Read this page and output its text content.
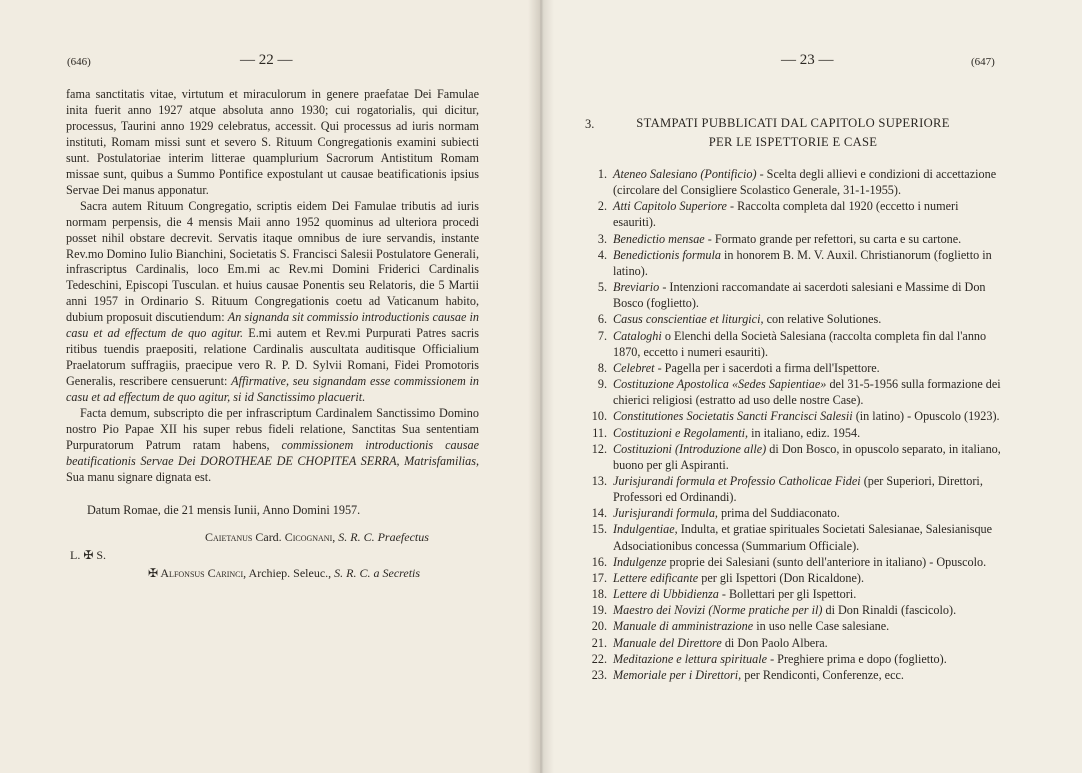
(646)	— 22 —

fama sanctitatis vitae, virtutum et miraculorum in genere praefatae Dei Famulae inita fuerit anno 1927 atque absoluta anno 1930; cui rogatorialis, qui dicitur, processus, Taurini anno 1929 celebratus, accessit. Qui processus ad iuris normam instituti, Romam missi sunt et severo S. Rituum Congregationis examini subiecti sunt. Postulatoriae interim litterae quamplurium Sacrorum Antistitum Romam missae sunt, quibus a Summo Pontifice expostulant ut causae beatificationis ipsius Servae Dei manus apponatur.

Sacra autem Rituum Congregatio, scriptis eidem Dei Famulae tributis ad iuris normam perpensis, die 4 mensis Maii anno 1952 quominus ad ulteriora procedi posset nihil obstare decrevit. Servatis itaque omnibus de iure servandis, instante Rev.mo Domino Iulio Bianchini, Societatis S. Francisci Salesii Postulatore Generali, infrascriptus Cardinalis, loco Em.mi ac Rev.mi Domini Friderici Cardinalis Tedeschini, Episcopi Tusculan. et huius causae Ponentis seu Relatoris, die 5 Martii anni 1957 in Ordinario S. Rituum Congregationis coetu ad Vaticanum habito, dubium proposuit discutiendum: An signanda sit commissio introductionis causae in casu et ad effectum de quo agitur. E.mi autem et Rev.mi Purpurati Patres sacris ritibus tuendis praepositi, relatione Cardinalis auscultata auditisque Officialium Praelatorum suffragiis, praecipue vero R. P. D. Sylvii Romani, Fidei Promotoris Generalis, rescribere censuerunt: Affirmative, seu signandam esse commissionem in casu et ad effectum de quo agitur, si id Sanctissimo placuerit.

Facta demum, subscripto die per infrascriptum Cardinalem Sanctissimo Domino nostro Pio Papae XII his super rebus fideli relatione, Sanctitas Sua sententiam Purpuratorum Patrum ratam habens, commissionem introductionis causae beatificationis Servae Dei DOROTHEAE DE CHOPITEA SERRA, Matrisfamilias, Sua manu signare dignata est.

Datum Romae, die 21 mensis Iunii, Anno Domini 1957.
Caietanus Card. Cicognani, S. R. C. Praefectus
L. ✠ S.
✠ Alfonsus Carinci, Archiep. Seleuc., S. R. C. a Secretis
— 23 —	(647)
3.	STAMPATI PUBBLICATI DAL CAPITOLO SUPERIORE
PER LE ISPETTORIE E CASE
1. Ateneo Salesiano (Pontificio) - Scelta degli allievi e condizioni di accettazione (circolare del Consigliere Scolastico Generale, 31-1-1955).
2. Atti Capitolo Superiore - Raccolta completa dal 1920 (eccetto i numeri esauriti).
3. Benedictio mensae - Formato grande per refettori, su carta e su cartone.
4. Benedictionis formula in honorem B. M. V. Auxil. Christianorum (foglietto in latino).
5. Breviario - Intenzioni raccomandate ai sacerdoti salesiani e Massime di Don Bosco (foglietto).
6. Casus conscientiae et liturgici, con relative Solutiones.
7. Cataloghi o Elenchi della Società Salesiana (raccolta completa fin dal l'anno 1870, eccetto i numeri esauriti).
8. Celebret - Pagella per i sacerdoti a firma dell'Ispettore.
9. Costituzione Apostolica «Sedes Sapientiae» del 31-5-1956 sulla formazione dei chierici religiosi (estratto ad uso delle nostre Case).
10. Constitutiones Societatis Sancti Francisci Salesii (in latino) - Opuscolo (1923).
11. Costituzioni e Regolamenti, in italiano, ediz. 1954.
12. Costituzioni (Introduzione alle) di Don Bosco, in opuscolo separato, in italiano, buono per gli Aspiranti.
13. Jurisjurandi formula et Professio Catholicae Fidei (per Superiori, Direttori, Professori ed Ordinandi).
14. Jurisjurandi formula, prima del Suddiaconato.
15. Indulgentiae, Indulta, et gratiae spirituales Societati Salesianae, Salesianisque Adsociationibus concessa (Summarium Officiale).
16. Indulgenze proprie dei Salesiani (sunto dell'anteriore in italiano) - Opuscolo.
17. Lettere edificante per gli Ispettori (Don Ricaldone).
18. Lettere di Ubbidienza - Bollettari per gli Ispettori.
19. Maestro dei Novizi (Norme pratiche per il) di Don Rinaldi (fascicolo).
20. Manuale di amministrazione in uso nelle Case salesiane.
21. Manuale del Direttore di Don Paolo Albera.
22. Meditazione e lettura spirituale - Preghiere prima e dopo (foglietto).
23. Memoriale per i Direttori, per Rendiconti, Conferenze, ecc.
